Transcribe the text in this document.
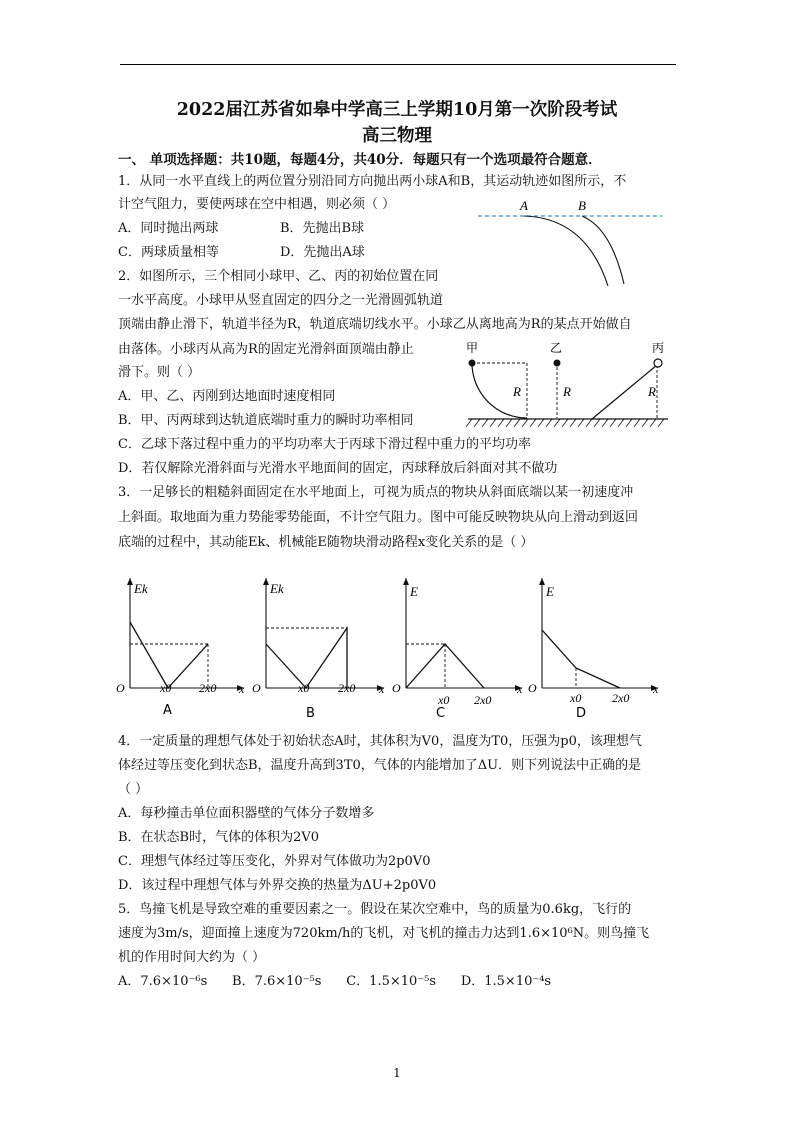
2022届江苏省如皋中学高三上学期10月第一次阶段考试
高三物理
一、 单项选择题：共10题，每题4分，共40分．每题只有一个选项最符合题意．
1．从同一水平直线上的两位置分别沿同方向抛出两小球A和B，其运动轨迹如图所示，不
计空气阻力，要使两球在空中相遇，则必须（ ）
A．同时抛出两球	B．先抛出B球
C．两球质量相等	D．先抛出A球
A	B
2．如图所示，三个相同小球甲、乙、丙的初始位置在同
一水平高度。小球甲从竖直固定的四分之一光滑圆弧轨道
顶端由静止滑下，轨道半径为R，轨道底端切线水平。小球乙从离地高为R的某点开始做自
由落体。小球丙从高为R的固定光滑斜面顶端由静止
滑下。则（ ）
A．甲、乙、丙刚到达地面时速度相同
B．甲、丙两球到达轨道底端时重力的瞬时功率相同
C．乙球下落过程中重力的平均功率大于丙球下滑过程中重力的平均功率
D．若仅解除光滑斜面与光滑水平地面间的固定，丙球释放后斜面对其不做功
甲	乙	丙
R	R	R
3．一足够长的粗糙斜面固定在水平地面上，可视为质点的物块从斜面底端以某一初速度冲
上斜面。取地面为重力势能零势能面，不计空气阻力。图中可能反映物块从向上滑动到返回
底端的过程中，其动能Ek、机械能E随物块滑动路程x变化关系的是（ ）
Ek
O	x0 2x0 x
A
Ek
O	x0 2x0 x
B
E
O
x0 2x0
x
C
E
O
x0	2x0
x
D
4．一定质量的理想气体处于初始状态A时，其体积为V0，温度为T0，压强为p0，该理想气
体经过等压变化到状态B，温度升高到3T0，气体的内能增加了ΔU．则下列说法中正确的是
（ ）
A．每秒撞击单位面积器壁的气体分子数增多
B．在状态B时，气体的体积为2V0
C．理想气体经过等压变化，外界对气体做功为2p0V0
D．该过程中理想气体与外界交换的热量为ΔU+2p0V0
5．鸟撞飞机是导致空难的重要因素之一。假设在某次空难中，鸟的质量为0.6kg，飞行的
速度为3m/s，迎面撞上速度为720km/h的飞机，对飞机的撞击力达到1.6×10⁶N。则鸟撞飞
机的作用时间大约为（ ）
A．7.6×10⁻⁶s      B．7.6×10⁻⁵s      C．1.5×10⁻⁵s      D．1.5×10⁻⁴s
1
